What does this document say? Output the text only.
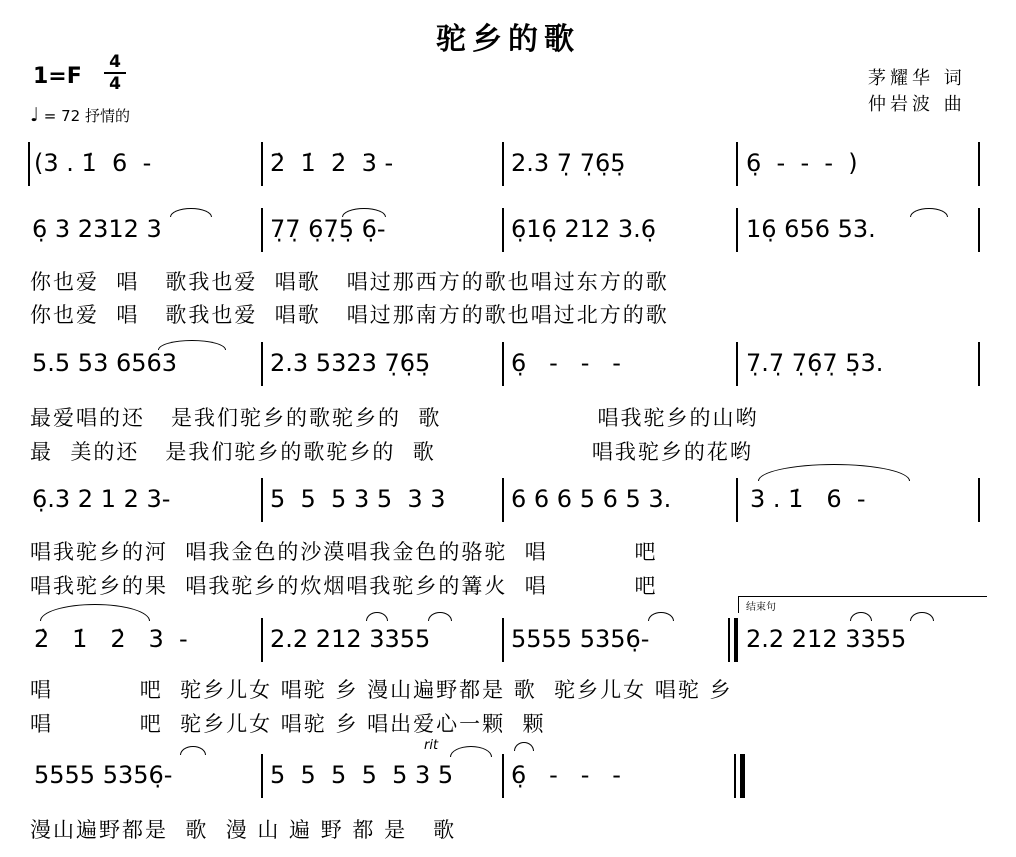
驼乡的歌
$1=F \frac{4}{4}$
♩ = 72 抒情的
茅耀华 词
仲岩波 曲
(3 . 1̇  6  -	2̇  1̇  2̇  3 -	2.3 7̣ 7̣6̣5̣	6̣  -  -  -  )
6̣ 3 2312 3	7̣7̣ 6̣7̣5̣ 6̣-	6̣16̣ 212 3.6̣	16̣ 656 53.
你也爱  唱   歌我也爱  唱歌   唱过那西方的歌也唱过东方的歌
你也爱  唱   歌我也爱  唱歌   唱过那南方的歌也唱过北方的歌
5.5 53 6563	2.3 5323 7̣6̣5̣	6̣   -   -   -	7̣.7̣ 7̣6̣7̣ 5̣3.
最爱唱的还   是我们驼乡的歌驼乡的  歌                  唱我驼乡的山哟
最  美的还   是我们驼乡的歌驼乡的  歌                  唱我驼乡的花哟
6̣.3 2 1 2 3-	5  5  5 3 5  3 3	6 6 6 5 6 5 3.	3 . 1̇   6  -
唱我驼乡的河  唱我金色的沙漠唱我金色的骆驼  唱          吧
唱我驼乡的果  唱我驼乡的炊烟唱我驼乡的篝火  唱          吧
结束句
2̇   1̇   2̇   3  -	2.2 212 3355	5555 5356̣-	2.2 212 3355
唱          吧  驼乡儿女 唱驼 乡 漫山遍野都是 歌  驼乡儿女 唱驼 乡
唱          吧  驼乡儿女 唱驼 乡 唱出爱心一颗  颗
rit
5555 5356̣-	5  5  5  5  5 3 5 6̣   -   -   -
漫山遍野都是  歌  漫 山 遍 野 都 是   歌
